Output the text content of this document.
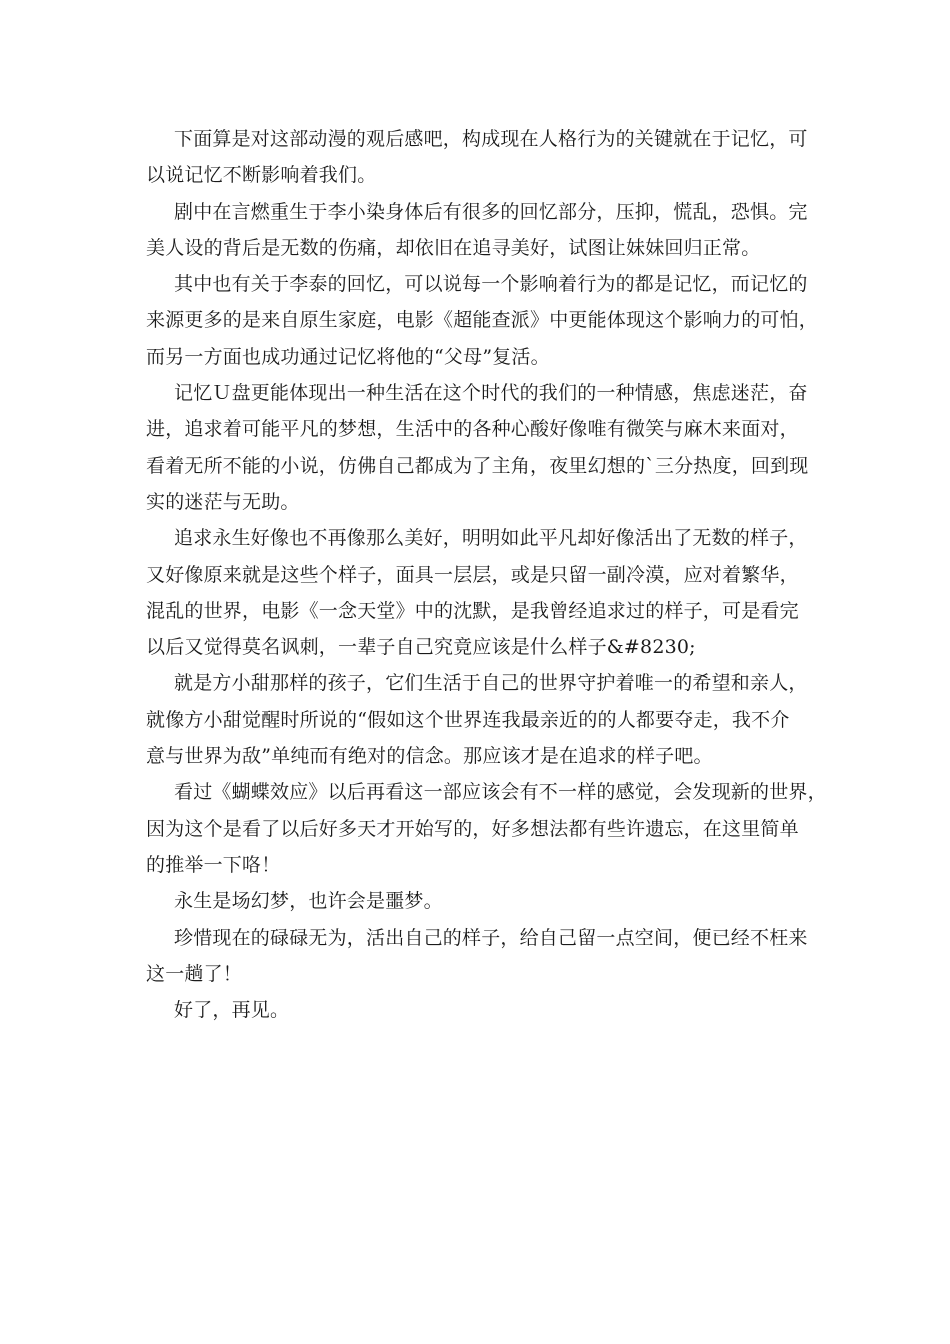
下面算是对这部动漫的观后感吧，构成现在人格行为的关键就在于记忆，可
以说记忆不断影响着我们。
剧中在言燃重生于李小染身体后有很多的回忆部分，压抑，慌乱，恐惧。完
美人设的背后是无数的伤痛，却依旧在追寻美好，试图让妹妹回归正常。
其中也有关于李泰的回忆，可以说每一个影响着行为的都是记忆，而记忆的
来源更多的是来自原生家庭，电影《超能查派》中更能体现这个影响力的可怕，
而另一方面也成功通过记忆将他的“父母”复活。
记忆Ｕ盘更能体现出一种生活在这个时代的我们的一种情感，焦虑迷茫，奋
进，追求着可能平凡的梦想，生活中的各种心酸好像唯有微笑与麻木来面对，
看着无所不能的小说，仿佛自己都成为了主角，夜里幻想的`三分热度，回到现
实的迷茫与无助。
追求永生好像也不再像那么美好，明明如此平凡却好像活出了无数的样子，
又好像原来就是这些个样子，面具一层层，或是只留一副冷漠，应对着繁华，
混乱的世界，电影《一念天堂》中的沈默，是我曾经追求过的样子，可是看完
以后又觉得莫名讽刺，一辈子自己究竟应该是什么样子&#8230;
就是方小甜那样的孩子，它们生活于自己的世界守护着唯一的希望和亲人，
就像方小甜觉醒时所说的“假如这个世界连我最亲近的的人都要夺走，我不介
意与世界为敌”单纯而有绝对的信念。那应该才是在追求的样子吧。
看过《蝴蝶效应》以后再看这一部应该会有不一样的感觉，会发现新的世界，
因为这个是看了以后好多天才开始写的，好多想法都有些许遗忘，在这里简单
的推举一下咯！
永生是场幻梦，也许会是噩梦。
珍惜现在的碌碌无为，活出自己的样子，给自己留一点空间，便已经不枉来
这一趟了！
好了，再见。
